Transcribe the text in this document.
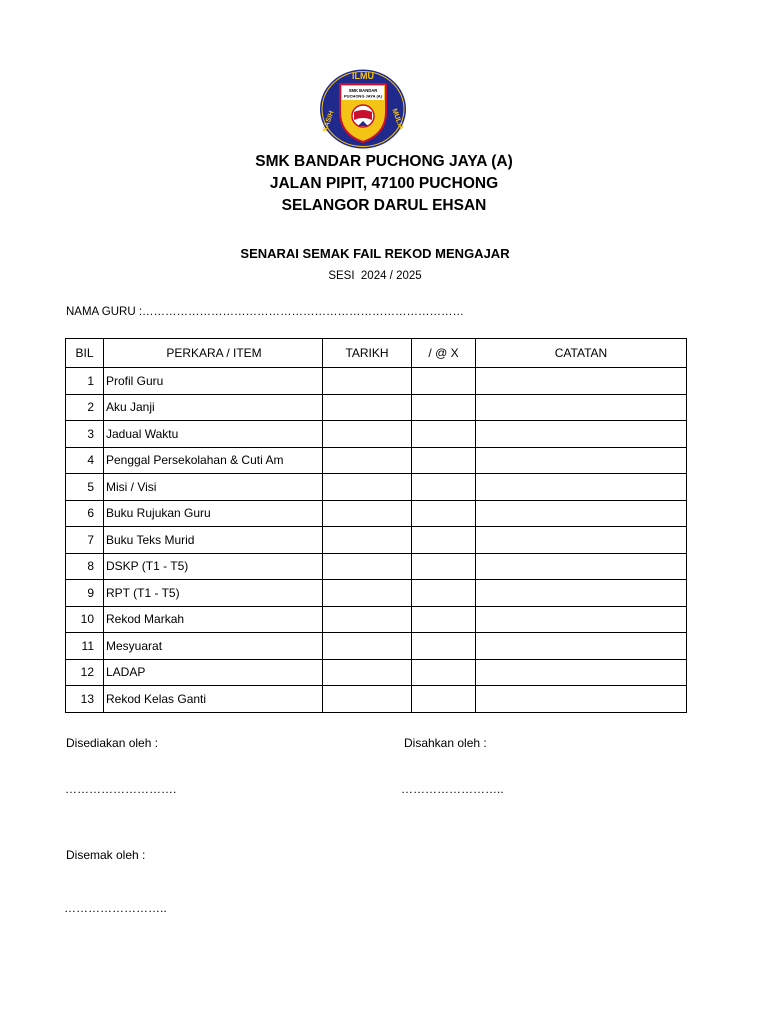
SMK BANDAR
PUCHONG JAYA (A)
ILMU
KASIH	MULIA
SMK BANDAR PUCHONG JAYA (A)
JALAN PIPIT, 47100 PUCHONG
SELANGOR DARUL EHSAN
SENARAI SEMAK FAIL REKOD MENGAJAR
SESI  2024 / 2025
NAMA GURU :…………………………………………………………………………
BIL	PERKARA / ITEM	TARIKH	/ @ X	CATATAN
1	Profil Guru			
2	Aku Janji			
3	Jadual Waktu			
4	Penggal Persekolahan & Cuti Am			
5	Misi / Visi			
6	Buku Rujukan Guru			
7	Buku Teks Murid			
8	DSKP (T1 - T5)			
9	RPT (T1 - T5)			
10	Rekod Markah			
11	Mesyuarat			
12	LADAP			
13	Rekod Kelas Ganti			
Disediakan oleh :	Disahkan oleh :
……………………….	……………………..
Disemak oleh :
……………………..
